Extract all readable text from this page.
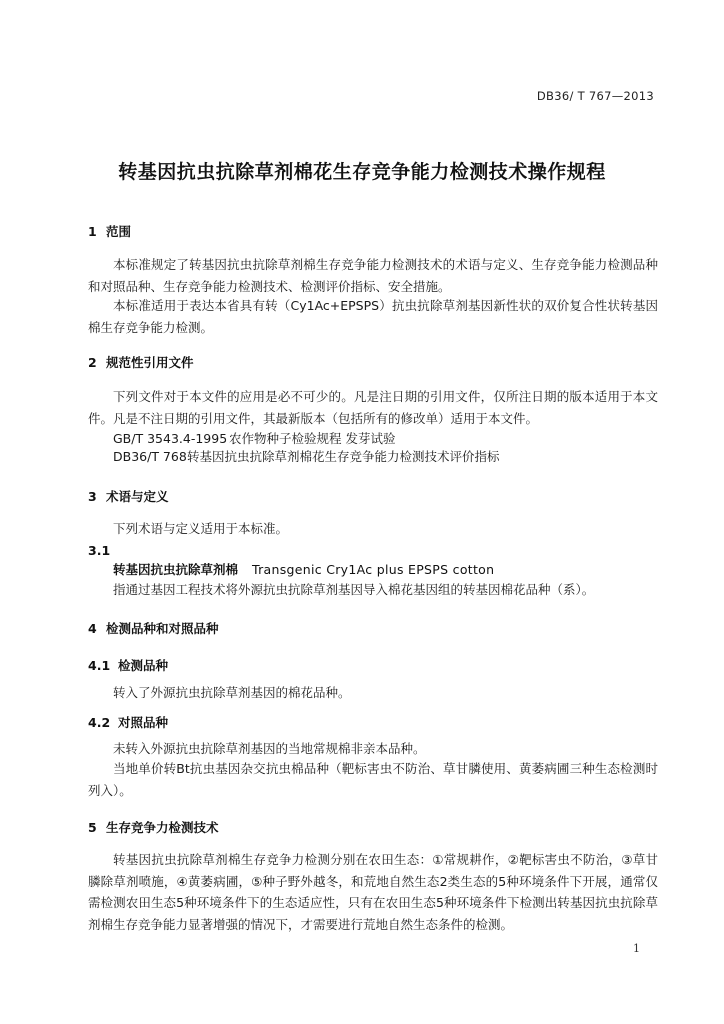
DB36/ T 767—2013
转基因抗虫抗除草剂棉花生存竞争能力检测技术操作规程
1 范围
本标准规定了转基因抗虫抗除草剂棉生存竞争能力检测技术的术语与定义、生存竞争能力检测品种和对照品种、生存竞争能力检测技术、检测评价指标、安全措施。
本标准适用于表达本省具有转（Cy1Ac+EPSPS）抗虫抗除草剂基因新性状的双价复合性状转基因棉生存竞争能力检测。
2 规范性引用文件
下列文件对于本文件的应用是必不可少的。凡是注日期的引用文件，仅所注日期的版本适用于本文件。凡是不注日期的引用文件，其最新版本（包括所有的修改单）适用于本文件。
GB/T 3543.4-1995 农作物种子检验规程 发芽试验
DB36/T 768转基因抗虫抗除草剂棉花生存竞争能力检测技术评价指标
3 术语与定义
下列术语与定义适用于本标准。
3.1
转基因抗虫抗除草剂棉 Transgenic Cry1Ac plus EPSPS cotton
指通过基因工程技术将外源抗虫抗除草剂基因导入棉花基因组的转基因棉花品种（系）。
4 检测品种和对照品种
4.1 检测品种
转入了外源抗虫抗除草剂基因的棉花品种。
4.2 对照品种
未转入外源抗虫抗除草剂基因的当地常规棉非亲本品种。
当地单价转Bt抗虫基因杂交抗虫棉品种（靶标害虫不防治、草甘膦使用、黄萎病圃三种生态检测时列入）。
5 生存竞争力检测技术
转基因抗虫抗除草剂棉生存竞争力检测分别在农田生态：①常规耕作，②靶标害虫不防治，③草甘膦除草剂喷施，④黄萎病圃，⑤种子野外越冬，和荒地自然生态2类生态的5种环境条件下开展，通常仅需检测农田生态5种环境条件下的生态适应性，只有在农田生态5种环境条件下检测出转基因抗虫抗除草剂棉生存竞争能力显著增强的情况下，才需要进行荒地自然生态条件的检测。
1
